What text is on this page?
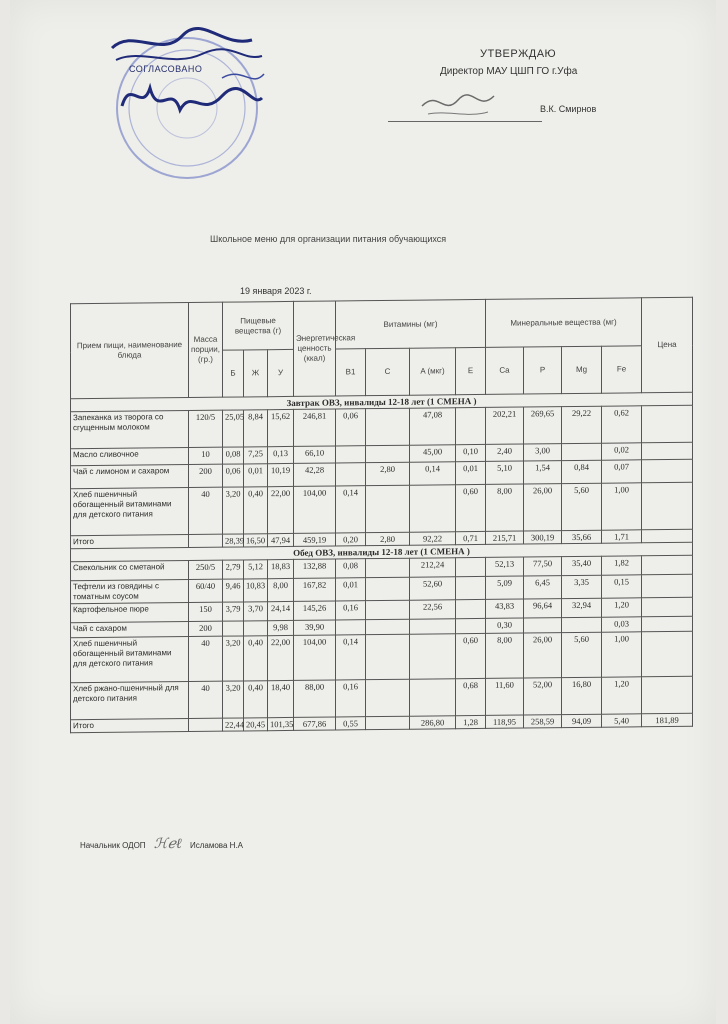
СОГЛАСОВАНО
УТВЕРЖДАЮ
Директор МАУ ЦШП ГО г.Уфа
В.К. Смирнов
Школьное меню для организации питания обучающихся
19 января 2023 г.
Прием пищи, наименование блюда	Масса порции, (гр.)	Пищевые вещества (г)			Энергетическая ценность (ккал)	Витамины (мг)				Минеральные вещества (мг)				Цена
		Б	Ж	У		B1	C	A (мкг)	E	Ca	P	Mg	Fe	
Завтрак ОВЗ, инвалиды 12-18 лет (1 СМЕНА )														
Запеканка из творога со сгущенным молоком	120/5	25,05	8,84	15,62	246,81	0,06		47,08		202,21	269,65	29,22	0,62	
Масло сливочное	10	0,08	7,25	0,13	66,10			45,00	0,10	2,40	3,00		0,02	
Чай с лимоном и сахаром	200	0,06	0,01	10,19	42,28		2,80	0,14	0,01	5,10	1,54	0,84	0,07	
Хлеб пшеничный обогащенный витаминами для детского питания	40	3,20	0,40	22,00	104,00	0,14			0,60	8,00	26,00	5,60	1,00	
Итого		28,39	16,50	47,94	459,19	0,20	2,80	92,22	0,71	215,71	300,19	35,66	1,71	
Обед ОВЗ, инвалиды 12-18 лет (1 СМЕНА )														
Свекольник со сметаной	250/5	2,79	5,12	18,83	132,88	0,08		212,24		52,13	77,50	35,40	1,82	
Тефтели из говядины с томатным соусом	60/40	9,46	10,83	8,00	167,82	0,01		52,60		5,09	6,45	3,35	0,15	
Картофельное пюре	150	3,79	3,70	24,14	145,26	0,16		22,56		43,83	96,64	32,94	1,20	
Чай с сахаром	200			9,98	39,90					0,30			0,03	
Хлеб пшеничный обогащенный витаминами для детского питания	40	3,20	0,40	22,00	104,00	0,14			0,60	8,00	26,00	5,60	1,00	
Хлеб ржано-пшеничный для детского питания	40	3,20	0,40	18,40	88,00	0,16			0,68	11,60	52,00	16,80	1,20	
Итого		22,44	20,45	101,35	677,86	0,55		286,80	1,28	118,95	258,59	94,09	5,40	181,89
Начальник ОДОП ℋℯℓ Исламова Н.А
